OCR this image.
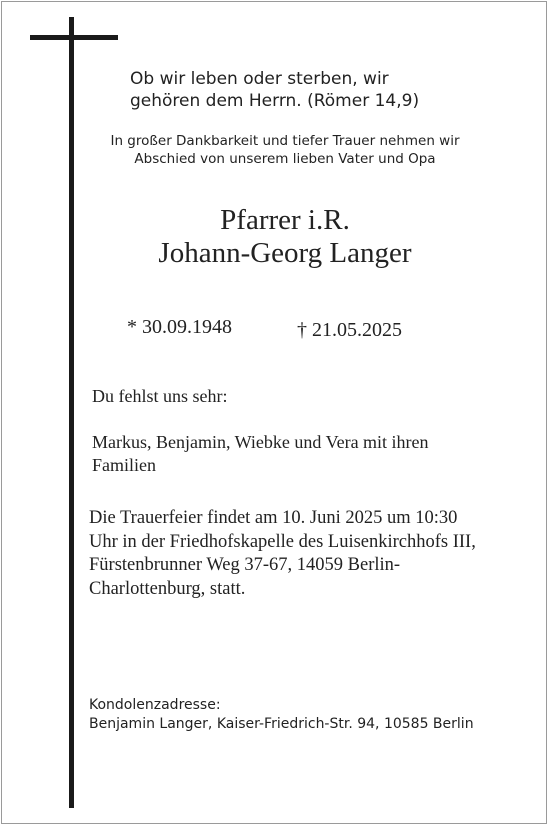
Ob wir leben oder sterben, wir
gehören dem Herrn. (Römer 14,9)
In großer Dankbarkeit und tiefer Trauer nehmen wir
Abschied von unserem lieben Vater und Opa
Pfarrer i.R.
Johann-Georg Langer
* 30.09.1948	† 21.05.2025
Du fehlst uns sehr:
Markus, Benjamin, Wiebke und Vera mit ihren
Familien
Die Trauerfeier findet am 10. Juni 2025 um 10:30
Uhr in der Friedhofskapelle des Luisenkirchhofs III,
Fürstenbrunner Weg 37-67, 14059 Berlin-
Charlottenburg, statt.
Kondolenzadresse:
Benjamin Langer, Kaiser-Friedrich-Str. 94, 10585 Berlin
